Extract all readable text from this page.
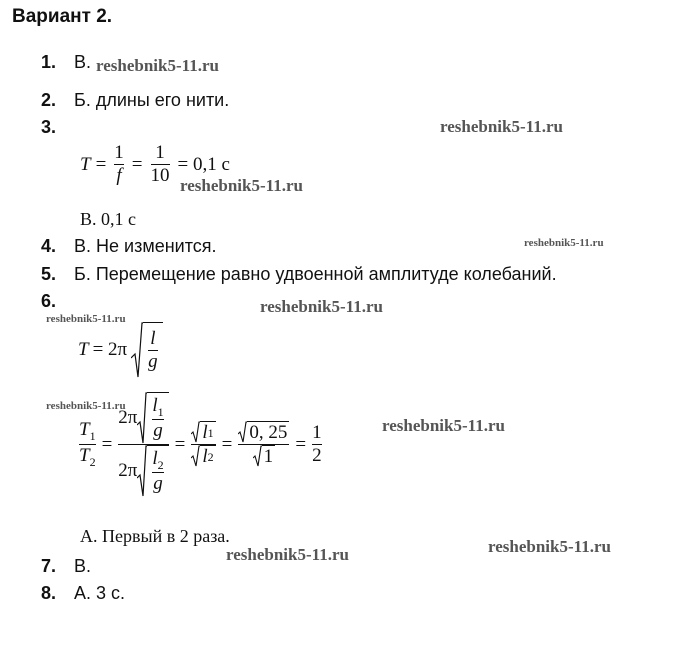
Вариант 2.
1. В.
2. Б. длины его нити.
3.
$T = \frac{1}{f} = \frac{1}{10} = 0,1$ с
В. 0,1 с
4. В. Не изменится.
5. Б. Перемещение равно удвоенной амплитуде колебаний.
6.
$T = 2\pi \frac{l}{g}$
$\frac{T_1}{T_2}$ =
$2\pi \frac{l_1}{g}$
$2\pi \frac{l_2}{g}$
= $\frac{l 1}{l 2} = \frac{0, 25}{1} = \frac{1}{2}$
А. Первый в 2 раза.
7. В.
8. А. 3 с.
reshebnik5-11.ru
reshebnik5-11.ru
reshebnik5-11.ru
reshebnik5-11.ru
reshebnik5-11.ru
reshebnik5-11.ru
reshebnik5-11.ru
reshebnik5-11.ru
reshebnik5-11.ru
reshebnik5-11.ru
